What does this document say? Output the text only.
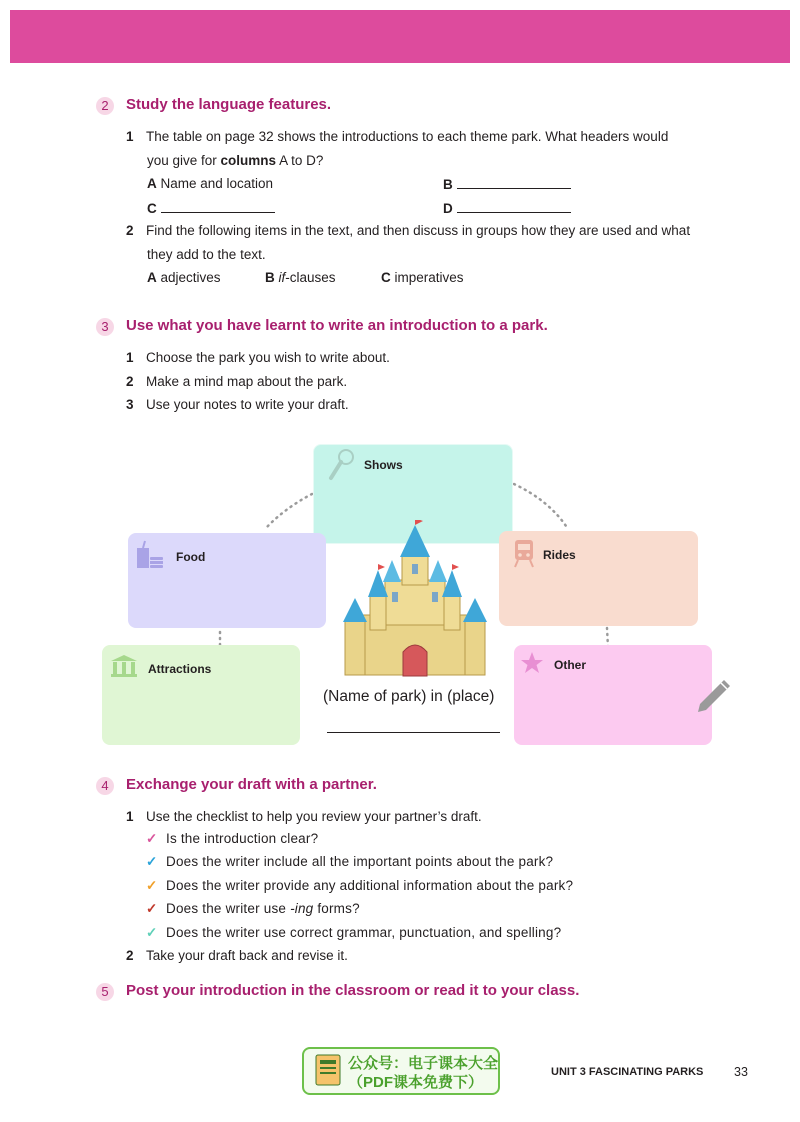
2	Study the language features.
1 The table on page 32 shows the introductions to each theme park. What headers would
you give for columns A to D?
A Name and location	B
C	D
2 Find the following items in the text, and then discuss in groups how they are used and what
they add to the text.
A adjectives	B if-clauses	C imperatives
3	Use what you have learnt to write an introduction to a park.
1 Choose the park you wish to write about.
2 Make a mind map about the park.
3 Use your notes to write your draft.
Shows
Food	Rides
Attractions	Other
(Name of park) in (place)
4	Exchange your draft with a partner.
1 Use the checklist to help you review your partner’s draft.
✓ Is the introduction clear?
✓ Does the writer include all the important points about the park?
✓ Does the writer provide any additional information about the park?
✓ Does the writer use -ing forms?
✓ Does the writer use correct grammar, punctuation, and spelling?
2 Take your draft back and revise it.
5	Post your introduction in the classroom or read it to your class.
公众号：电子课本大全
（PDF课本免费下）
UNIT 3 FASCINATING PARKS 33
